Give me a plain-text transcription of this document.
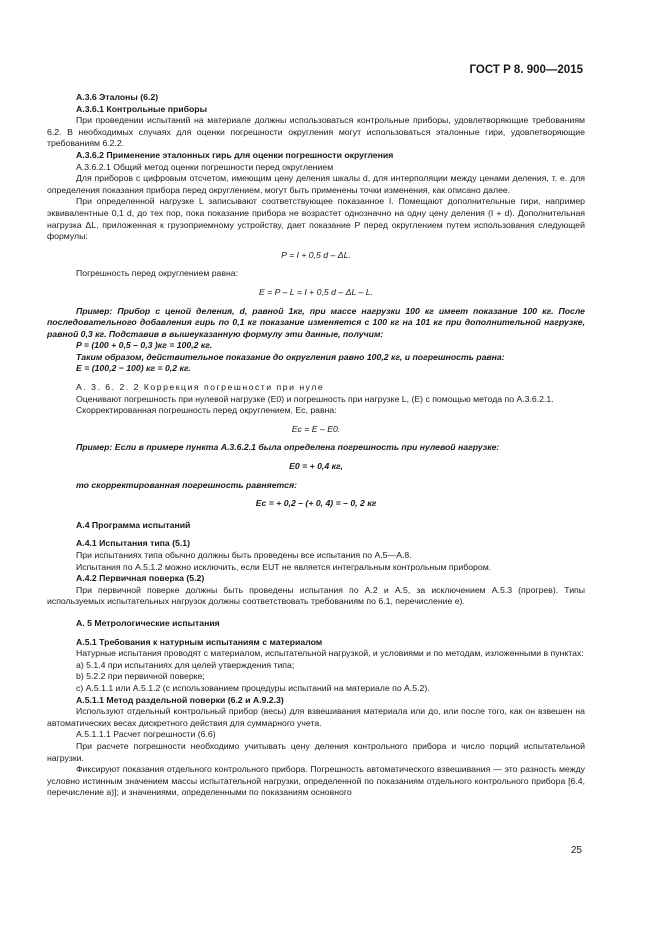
ГОСТ Р 8. 900—2015

А.3.6 Эталоны (6.2)

А.3.6.1 Контрольные приборы

При проведении испытаний на материале должны использоваться контрольные приборы, удовлетворяющие требованиям 6.2. В необходимых случаях для оценки погрешности округления могут использоваться эталонные гири, удовлетворяющие требованиям 6.2.2.

А.3.6.2 Применение эталонных гирь для оценки погрешности округления

А.3.6.2.1 Общий метод оценки погрешности перед округлением

Для приборов с цифровым отсчетом, имеющим цену деления шкалы d, для интерполяции между ценами деления, т. е. для определения показания прибора перед округлением, могут быть применены точки изменения, как описано далее.

При определенной нагрузке L записывают соответствующее показанное I. Помещают дополнительные гири, например эквивалентные 0,1 d, до тех пор, пока показание прибора не возрастет однозначно на одну цену деления (I + d). Дополнительная нагрузка ΔL, приложенная к грузоприемному устройству, дает показание P перед округлением путем использования следующей формулы:

P = I + 0,5 d – ΔL.

Погрешность перед округлением равна:

E = P – L = I + 0,5 d – ΔL – L.

Пример: Прибор с ценой деления, d, равной 1кг, при массе нагрузки 100 кг имеет показание 100 кг. После последовательного добавления гирь по 0,1 кг показание изменяется с 100 кг на 101 кг при дополнительной нагрузке, равной 0,3 кг. Подставив в вышеуказанную формулу эти данные, получим:

P = (100 + 0,5 – 0,3 )кг = 100,2 кг.

Таким образом, действительное показание до округления равно 100,2 кг, и погрешность равна:

E = (100,2 − 100) кг = 0,2 кг.

А. 3. 6. 2. 2 Коррекция погрешности при нуле

Оценивают погрешность при нулевой нагрузке (E0) и погрешность при нагрузке L, (E) с помощью метода по А.3.6.2.1.

Скорректированная погрешность перед округлением, Ec, равна:

Ec = E – E0.

Пример: Если в примере пункта А.3.6.2.1 была определена погрешность при нулевой нагрузке:

E0 = + 0,4 кг,

то скорректированная погрешность равняется:

Ec = + 0,2 – (+ 0, 4) = – 0, 2 кг

А.4 Программа испытаний

А.4.1 Испытания типа (5.1)

При испытаниях типа обычно должны быть проведены все испытания по А.5—А.8.

Испытания по А.5.1.2 можно исключить, если EUT не является интегральным контрольным прибором.

А.4.2 Первичная поверка (5.2)

При первичной поверке должны быть проведены испытания по А.2 и А.5, за исключением А.5.3 (прогрев). Типы используемых испытательных нагрузок должны соответствовать требованиям по 6.1, перечисление е).

А. 5 Метрологические испытания

А.5.1 Требования к натурным испытаниям с материалом

Натурные испытания проводят с материалом, испытательной нагрузкой, и условиями и по методам, изложенными в пунктах:

а) 5.1.4 при испытаниях для целей утверждения типа;

b) 5.2.2 при первичной поверке;

с) А.5.1.1 или А.5.1.2 (с использованием процедуры испытаний на материале по А.5.2).

А.5.1.1 Метод раздельной поверки (6.2 и А.9.2.3)

Используют отдельный контрольный прибор (весы) для взвешивания материала или до, или после того, как он взвешен на автоматических весах дискретного действия для суммарного учета.

А.5.1.1.1 Расчет погрешности (6.6)

При расчете погрешности необходимо учитывать цену деления контрольного прибора и число порций испытательной нагрузки.

Фиксируют показания отдельного контрольного прибора. Погрешность автоматического взвешивания — это разность между условно истинным значением массы испытательной нагрузки, определенной по показаниям отдельного контрольного прибора [6.4, перечисление а)]; и значениями, определенными по показаниям основного

25
